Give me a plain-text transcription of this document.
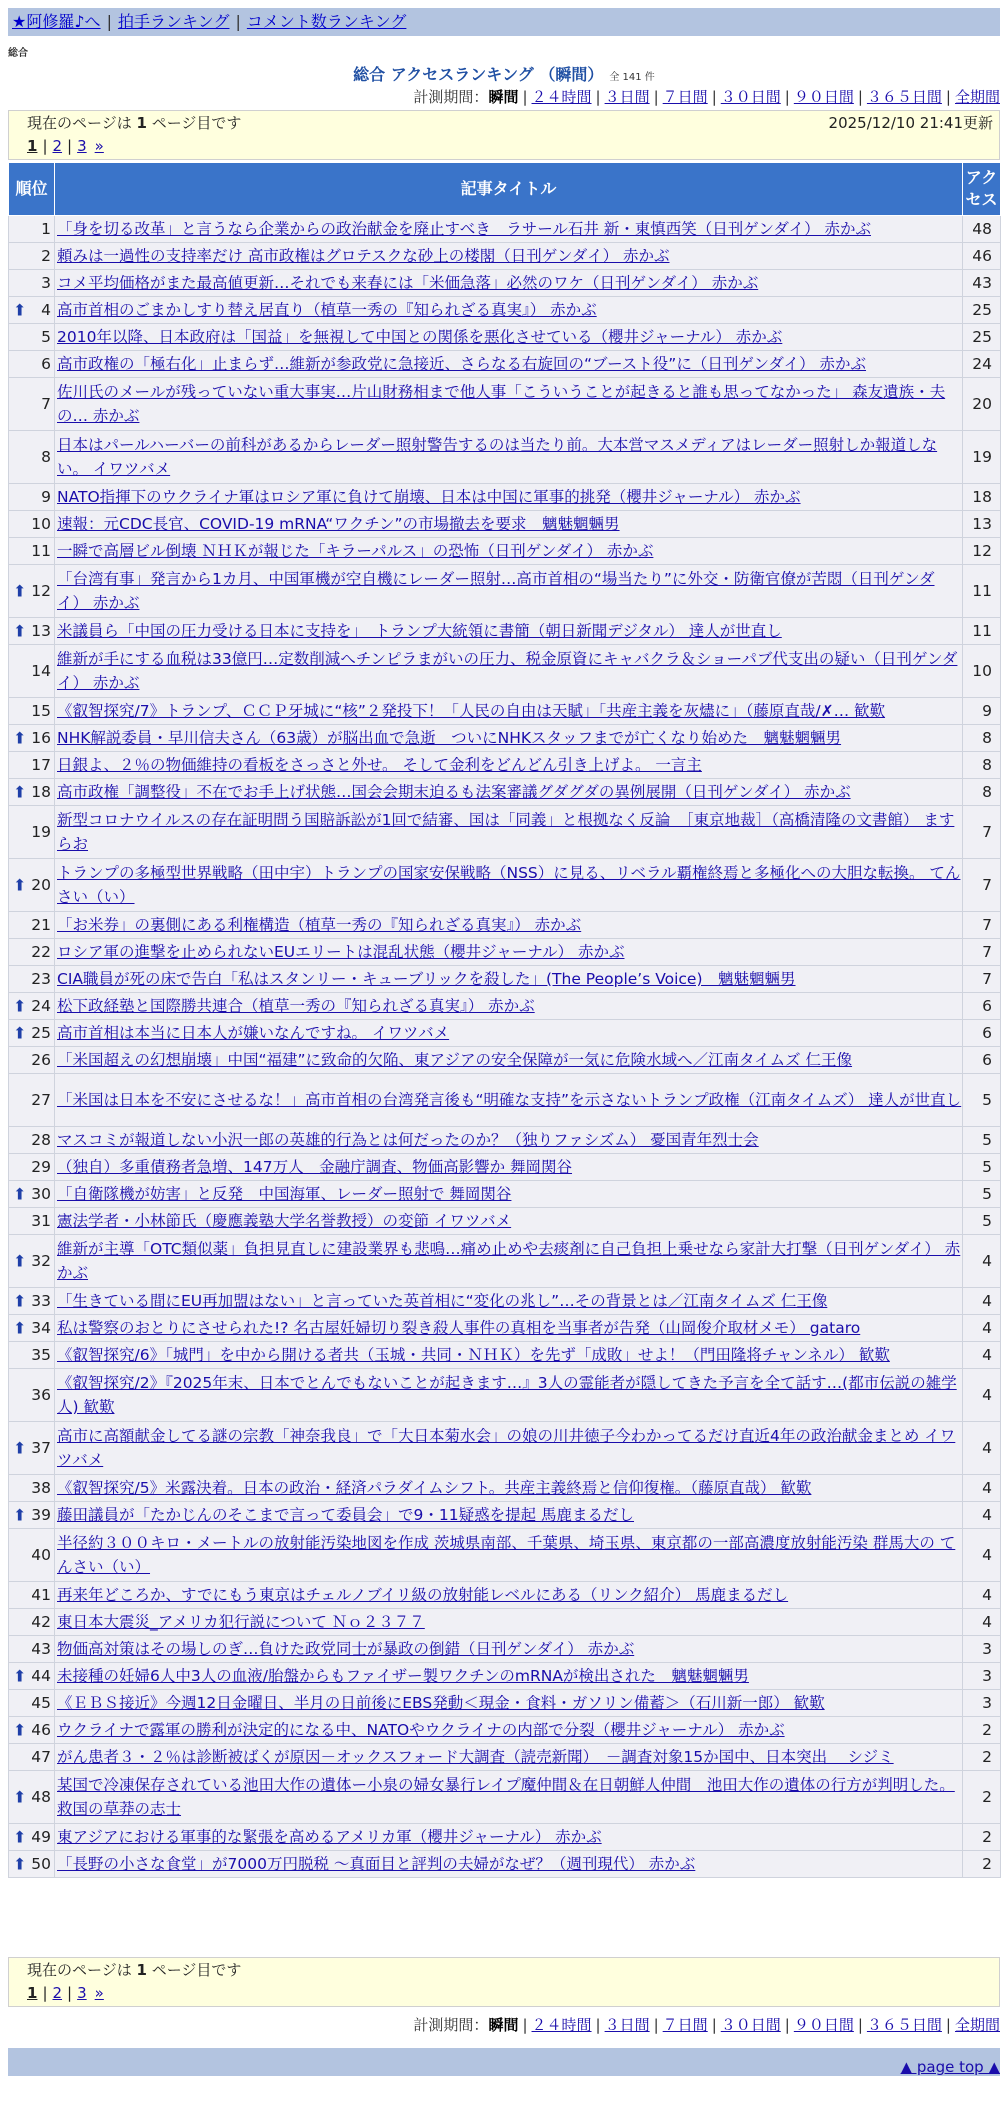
★阿修羅♪へ | 拍手ランキング | コメント数ランキング
総合
総合 アクセスランキング （瞬間） 全 141 件
計測期間：瞬間 | ２４時間 | ３日間 | ７日間 | ３０日間 | ９０日間 | ３６５日間 | 全期間
現在のページは 1 ページ目です	2025/12/10 21:41更新
1 | 2 | 3 »
順位	記事タイトル	アクセス
1	「身を切る改革」と言うなら企業からの政治献金を廃止すべき　ラサール石井 新・東慎西笑（日刊ゲンダイ） 赤かぶ	48
2	頼みは一過性の支持率だけ 高市政権はグロテスクな砂上の楼閣（日刊ゲンダイ） 赤かぶ	46
3	コメ平均価格がまた最高値更新…それでも来春には「米価急落」必然のワケ（日刊ゲンダイ） 赤かぶ	43

⬆ 4	高市首相のごまかしすり替え居直り（植草一秀の『知られざる真実』） 赤かぶ	25
5	2010年以降、日本政府は「国益」を無視して中国との関係を悪化させている（櫻井ジャーナル） 赤かぶ	25
6	高市政権の「極右化」止まらず…維新が参政党に急接近、さらなる右旋回の“ブースト役”に（日刊ゲンダイ） 赤かぶ	24
7	佐川氏のメールが残っていない重大事実…片山財務相まで他人事「こういうことが起きると誰も思ってなかった」 森友遺族・夫の… 赤かぶ	20
8	日本はパールハーバーの前科があるからレーダー照射警告するのは当たり前。大本営マスメディアはレーダー照射しか報道しない。 イワツバメ	19
9	NATO指揮下のウクライナ軍はロシア軍に負けて崩壊、日本は中国に軍事的挑発（櫻井ジャーナル） 赤かぶ	18
10	速報：元CDC長官、COVID-19 mRNA“ワクチン”の市場撤去を要求　魑魅魍魎男	13
11	一瞬で高層ビル倒壊 ＮＨＫが報じた「キラーパルス」の恐怖（日刊ゲンダイ） 赤かぶ	12

⬆ 12	「台湾有事」発言から1カ月、中国軍機が空自機にレーダー照射…高市首相の“場当たり”に外交・防衛官僚が苦悶（日刊ゲンダイ） 赤かぶ	11

⬆ 13	米議員ら「中国の圧力受ける日本に支持を」　トランプ大統領に書簡（朝日新聞デジタル） 達人が世直し	11
14	維新が手にする血税は33億円…定数削減へチンピラまがいの圧力、税金原資にキャバクラ＆ショーパブ代支出の疑い（日刊ゲンダイ） 赤かぶ	10
15	《叡智探究/7》トランプ、ＣＣＰ牙城に“核”２発投下！「人民の自由は天賦」「共産主義を灰燼に」（藤原直哉/✗… 歓歎	9

⬆ 16	NHK解説委員・早川信夫さん（63歳）が脳出血で急逝　ついにNHKスタッフまでが亡くなり始めた　魑魅魍魎男	8
17	日銀よ、２％の物価維持の看板をさっさと外せ。 そして金利をどんどん引き上げよ。 一言主	8

⬆ 18	高市政権「調整役」不在でお手上げ状態…国会会期末迫るも法案審議グダグダの異例展開（日刊ゲンダイ） 赤かぶ	8
19	新型コロナウイルスの存在証明問う国賠訴訟が1回で結審、国は「同義」と根拠なく反論　［東京地裁］（高橋清隆の文書館） ますらお	7

⬆ 20	トランプの多極型世界戦略（田中宇）トランプの国家安保戦略（NSS）に見る、リベラル覇権終焉と多極化への大胆な転換。 てんさい（い）	7
21	「お米券」の裏側にある利権構造（植草一秀の『知られざる真実』） 赤かぶ	7
22	ロシア軍の進撃を止められないEUエリートは混乱状態（櫻井ジャーナル） 赤かぶ	7
23	CIA職員が死の床で告白「私はスタンリー・キューブリックを殺した」(The People’s Voice)　魑魅魍魎男	7

⬆ 24	松下政経塾と国際勝共連合（植草一秀の『知られざる真実』） 赤かぶ	6

⬆ 25	高市首相は本当に日本人が嫌いなんですね。 イワツバメ	6
26	「米国超えの幻想崩壊」中国“福建”に致命的欠陥、東アジアの安全保障が一気に危険水域へ／江南タイムズ 仁王像	6
27	「米国は日本を不安にさせるな！」高市首相の台湾発言後も“明確な支持”を示さないトランプ政権（江南タイムズ） 達人が世直し	5
28	マスコミが報道しない小沢一郎の英雄的行為とは何だったのか？（独りファシズム） 憂国青年烈士会	5
29	（独自）多重債務者急増、147万人　金融庁調査、物価高影響か 舞岡関谷	5

⬆ 30	「自衛隊機が妨害」と反発　中国海軍、レーダー照射で 舞岡関谷	5
31	憲法学者・小林節氏（慶應義塾大学名誉教授）の変節 イワツバメ	5

⬆ 32	維新が主導「OTC類似薬」負担見直しに建設業界も悲鳴…痛め止めや去痰剤に自己負担上乗せなら家計大打撃（日刊ゲンダイ） 赤かぶ	4

⬆ 33	「生きている間にEU再加盟はない」と言っていた英首相に“変化の兆し”…その背景とは／江南タイムズ 仁王像	4

⬆ 34	私は警察のおとりにさせられた!? 名古屋妊婦切り裂き殺人事件の真相を当事者が告発（山岡俊介取材メモ） gataro	4
35	《叡智探究/6》「城門」を中から開ける者共（玉城・共同・ＮＨＫ）を先ず「成敗」せよ！（門田隆将チャンネル） 歓歎	4
36	《叡智探究/2》『2025年末、日本でとんでもないことが起きます…』3人の霊能者が隠してきた予言を全て話す…(都市伝説の雑学人) 歓歎	4

⬆ 37	高市に高額献金してる謎の宗教「神奈我良」で「大日本菊水会」の娘の川井徳子今わかってるだけ直近4年の政治献金まとめ イワツバメ	4
38	《叡智探究/5》米露決着。日本の政治・経済パラダイムシフト。共産主義終焉と信仰復権。（藤原直哉） 歓歎	4

⬆ 39	藤田議員が「たかじんのそこまで言って委員会」で9・11疑惑を提起 馬鹿まるだし	4
40	半径約３００キロ・メートルの放射能汚染地図を作成 茨城県南部、千葉県、埼玉県、東京都の一部高濃度放射能汚染 群馬大の てんさい（い）	4
41	再来年どころか、すでにもう東京はチェルノブイリ級の放射能レベルにある（リンク紹介） 馬鹿まるだし	4
42	東日本大震災_アメリカ犯行説について Ｎｏ２３７７	4
43	物価高対策はその場しのぎ…負けた政党同士が暴政の倒錯（日刊ゲンダイ） 赤かぶ	3

⬆ 44	未接種の妊婦6人中3人の血液/胎盤からもファイザー製ワクチンのmRNAが検出された　魑魅魍魎男	3
45	《ＥＢＳ接近》今週12日金曜日、半月の日前後にEBS発動＜現金・食料・ガソリン備蓄＞（石川新一郎） 歓歎	3

⬆ 46	ウクライナで露軍の勝利が決定的になる中、NATOやウクライナの内部で分裂（櫻井ジャーナル） 赤かぶ	2
47	がん患者３・２％は診断被ばくが原因－オックスフォード大調査（読売新聞）　－調査対象15か国中、日本突出　 シジミ	2

⬆ 48	某国で冷凍保存されている池田大作の遺体ー小泉の婦女暴行レイプ魔仲間＆在日朝鮮人仲間　池田大作の遺体の行方が判明した。 救国の草莽の志士	2

⬆ 49	東アジアにおける軍事的な緊張を高めるアメリカ軍（櫻井ジャーナル） 赤かぶ	2

⬆ 50	「長野の小さな食堂」が7000万円脱税 ～真面目と評判の夫婦がなぜ？（週刊現代） 赤かぶ	2
現在のページは 1 ページ目です
1 | 2 | 3 »
計測期間：瞬間 | ２４時間 | ３日間 | ７日間 | ３０日間 | ９０日間 | ３６５日間 | 全期間
▲ page top ▲
